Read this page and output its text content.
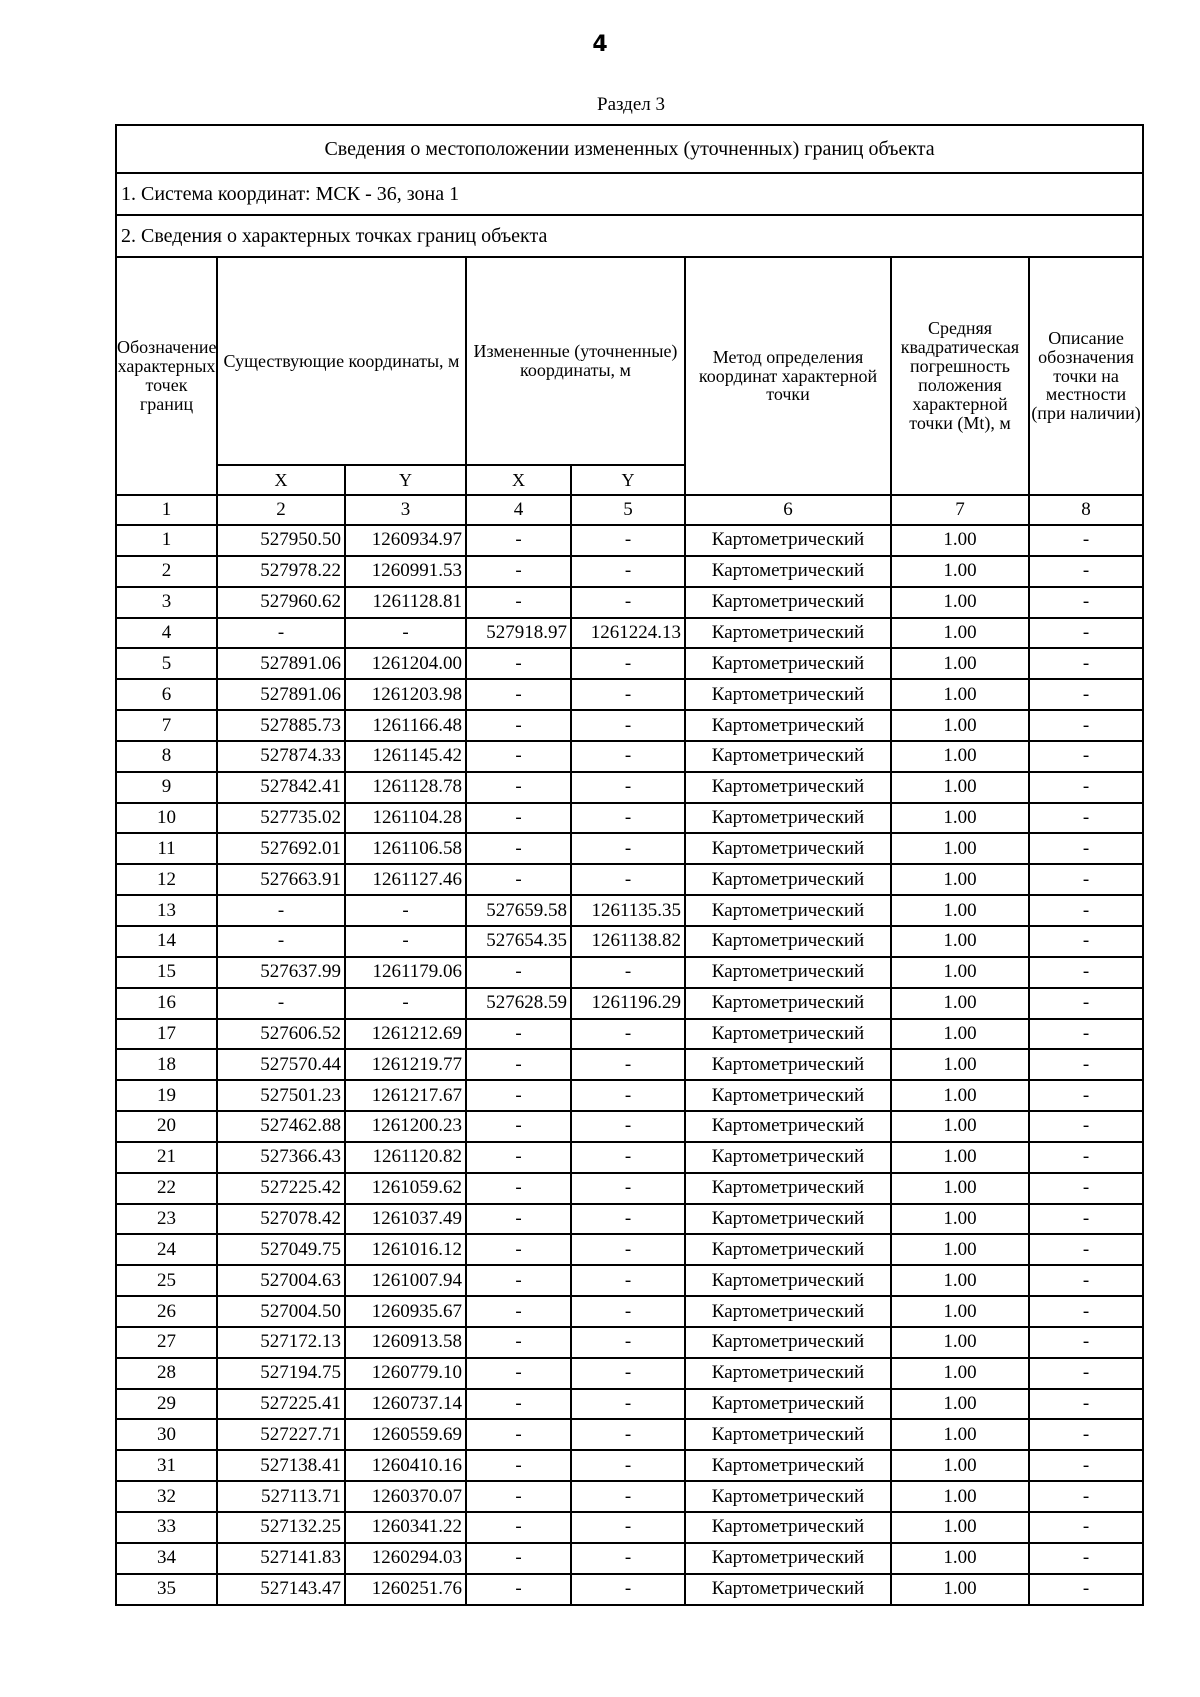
4
Раздел 3
Сведения о местоположении измененных (уточненных) границ объекта							
1. Система координат: МСК - 36, зона 1							
2. Сведения о характерных точках границ объекта							
Обозначение характерных точек границ	Существующие координаты, м		Измененные (уточненные) координаты, м		Метод определения координат характерной точки	Средняя квадратическая погрешность положения характерной точки (Mt), м	Описание обозначения точки на местности (при наличии)
	X	Y	X	Y			
1	2	3	4	5	6	7	8
1	527950.50	1260934.97	-	-	Картометрический	1.00	-
2	527978.22	1260991.53	-	-	Картометрический	1.00	-
3	527960.62	1261128.81	-	-	Картометрический	1.00	-
4	-	-	527918.97	1261224.13	Картометрический	1.00	-
5	527891.06	1261204.00	-	-	Картометрический	1.00	-
6	527891.06	1261203.98	-	-	Картометрический	1.00	-
7	527885.73	1261166.48	-	-	Картометрический	1.00	-
8	527874.33	1261145.42	-	-	Картометрический	1.00	-
9	527842.41	1261128.78	-	-	Картометрический	1.00	-
10	527735.02	1261104.28	-	-	Картометрический	1.00	-
11	527692.01	1261106.58	-	-	Картометрический	1.00	-
12	527663.91	1261127.46	-	-	Картометрический	1.00	-
13	-	-	527659.58	1261135.35	Картометрический	1.00	-
14	-	-	527654.35	1261138.82	Картометрический	1.00	-
15	527637.99	1261179.06	-	-	Картометрический	1.00	-
16	-	-	527628.59	1261196.29	Картометрический	1.00	-
17	527606.52	1261212.69	-	-	Картометрический	1.00	-
18	527570.44	1261219.77	-	-	Картометрический	1.00	-
19	527501.23	1261217.67	-	-	Картометрический	1.00	-
20	527462.88	1261200.23	-	-	Картометрический	1.00	-
21	527366.43	1261120.82	-	-	Картометрический	1.00	-
22	527225.42	1261059.62	-	-	Картометрический	1.00	-
23	527078.42	1261037.49	-	-	Картометрический	1.00	-
24	527049.75	1261016.12	-	-	Картометрический	1.00	-
25	527004.63	1261007.94	-	-	Картометрический	1.00	-
26	527004.50	1260935.67	-	-	Картометрический	1.00	-
27	527172.13	1260913.58	-	-	Картометрический	1.00	-
28	527194.75	1260779.10	-	-	Картометрический	1.00	-
29	527225.41	1260737.14	-	-	Картометрический	1.00	-
30	527227.71	1260559.69	-	-	Картометрический	1.00	-
31	527138.41	1260410.16	-	-	Картометрический	1.00	-
32	527113.71	1260370.07	-	-	Картометрический	1.00	-
33	527132.25	1260341.22	-	-	Картометрический	1.00	-
34	527141.83	1260294.03	-	-	Картометрический	1.00	-
35	527143.47	1260251.76	-	-	Картометрический	1.00	-
